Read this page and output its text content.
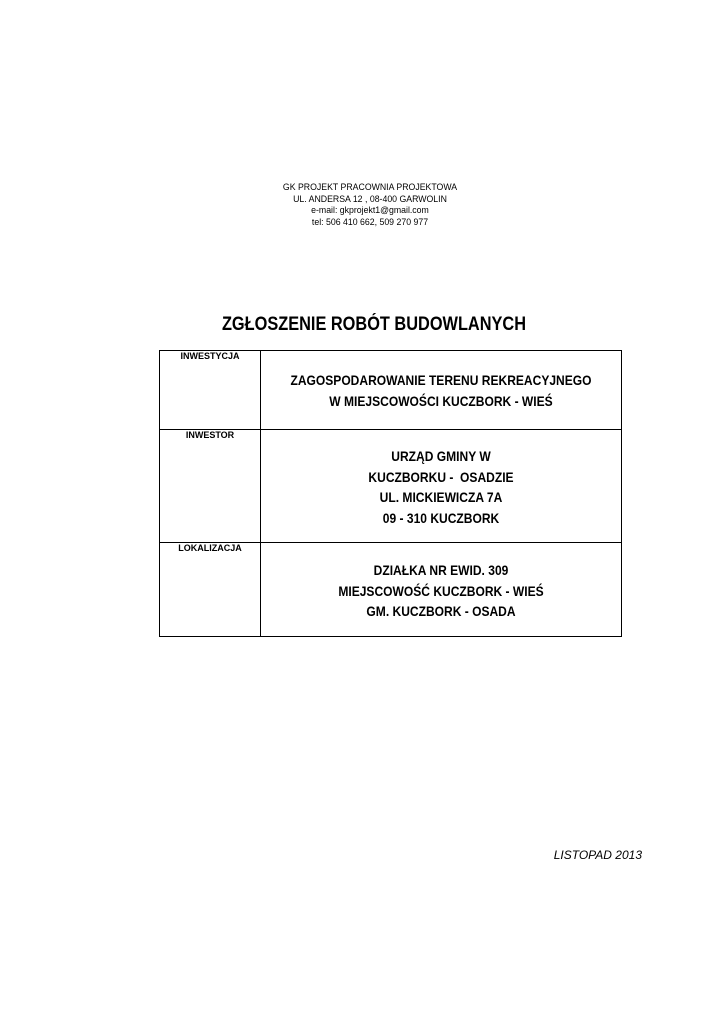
GK PROJEKT PRACOWNIA PROJEKTOWA
UL. ANDERSA 12 , 08-400 GARWOLIN
e-mail: gkprojekt1@gmail.com
tel: 506 410 662, 509 270 977
ZGŁOSZENIE ROBÓT BUDOWLANYCH
INWESTYCJA	ZAGOSPODAROWANIE TERENU REKREACYJNEGO
W MIEJSCOWOŚCI KUCZBORK - WIEŚ

INWESTOR	URZĄD GMINY W
KUCZBORKU -  OSADZIE
UL. MICKIEWICZA 7A
09 - 310 KUCZBORK

LOKALIZACJA	DZIAŁKA NR EWID. 309
MIEJSCOWOŚĆ KUCZBORK - WIEŚ
GM. KUCZBORK - OSADA
LISTOPAD 2013
